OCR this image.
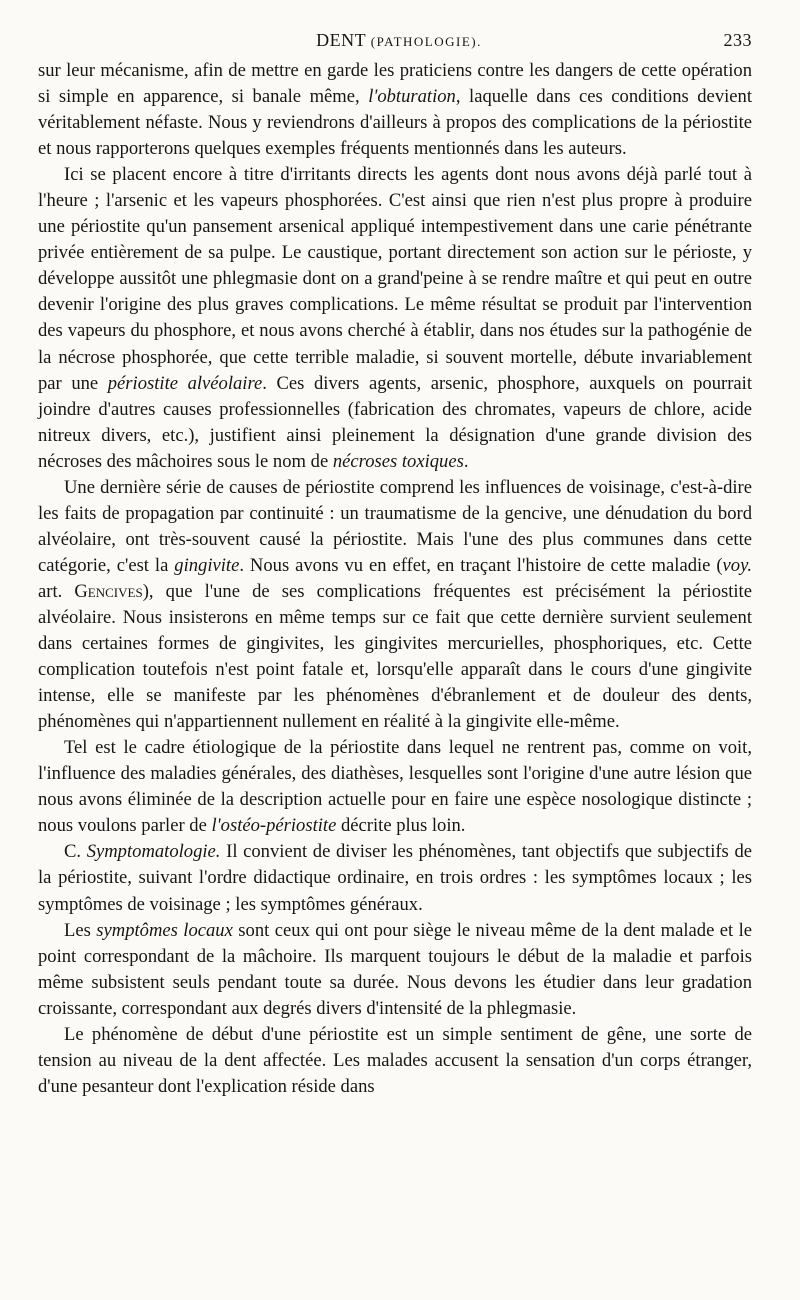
DENT (PATHOLOGIE).	233

sur leur mécanisme, afin de mettre en garde les praticiens contre les dangers de cette opération si simple en apparence, si banale même, l'obturation, laquelle dans ces conditions devient véritablement néfaste. Nous y reviendrons d'ailleurs à propos des complications de la périostite et nous rapporterons quelques exemples fréquents mentionnés dans les auteurs.

Ici se placent encore à titre d'irritants directs les agents dont nous avons déjà parlé tout à l'heure ; l'arsenic et les vapeurs phosphorées. C'est ainsi que rien n'est plus propre à produire une périostite qu'un pansement arsenical appliqué intempestivement dans une carie pénétrante privée entièrement de sa pulpe. Le caustique, portant directement son action sur le périoste, y développe aussitôt une phlegmasie dont on a grand'peine à se rendre maître et qui peut en outre devenir l'origine des plus graves complications. Le même résultat se produit par l'intervention des vapeurs du phosphore, et nous avons cherché à établir, dans nos études sur la pathogénie de la nécrose phosphorée, que cette terrible maladie, si souvent mortelle, débute invariablement par une périostite alvéolaire. Ces divers agents, arsenic, phosphore, auxquels on pourrait joindre d'autres causes professionnelles (fabrication des chromates, vapeurs de chlore, acide nitreux divers, etc.), justifient ainsi pleinement la désignation d'une grande division des nécroses des mâchoires sous le nom de nécroses toxiques.

Une dernière série de causes de périostite comprend les influences de voisinage, c'est-à-dire les faits de propagation par continuité : un traumatisme de la gencive, une dénudation du bord alvéolaire, ont très-souvent causé la périostite. Mais l'une des plus communes dans cette catégorie, c'est la gingivite. Nous avons vu en effet, en traçant l'histoire de cette maladie (voy. art. Gencives), que l'une de ses complications fréquentes est précisément la périostite alvéolaire. Nous insisterons en même temps sur ce fait que cette dernière survient seulement dans certaines formes de gingivites, les gingivites mercurielles, phosphoriques, etc. Cette complication toutefois n'est point fatale et, lorsqu'elle apparaît dans le cours d'une gingivite intense, elle se manifeste par les phénomènes d'ébranlement et de douleur des dents, phénomènes qui n'appartiennent nullement en réalité à la gingivite elle-même.

Tel est le cadre étiologique de la périostite dans lequel ne rentrent pas, comme on voit, l'influence des maladies générales, des diathèses, lesquelles sont l'origine d'une autre lésion que nous avons éliminée de la description actuelle pour en faire une espèce nosologique distincte ; nous voulons parler de l'ostéo-périostite décrite plus loin.

C. Symptomatologie. Il convient de diviser les phénomènes, tant objectifs que subjectifs de la périostite, suivant l'ordre didactique ordinaire, en trois ordres : les symptômes locaux ; les symptômes de voisinage ; les symptômes généraux.

Les symptômes locaux sont ceux qui ont pour siège le niveau même de la dent malade et le point correspondant de la mâchoire. Ils marquent toujours le début de la maladie et parfois même subsistent seuls pendant toute sa durée. Nous devons les étudier dans leur gradation croissante, correspondant aux degrés divers d'intensité de la phlegmasie.

Le phénomène de début d'une périostite est un simple sentiment de gêne, une sorte de tension au niveau de la dent affectée. Les malades accusent la sensation d'un corps étranger, d'une pesanteur dont l'explication réside dans
